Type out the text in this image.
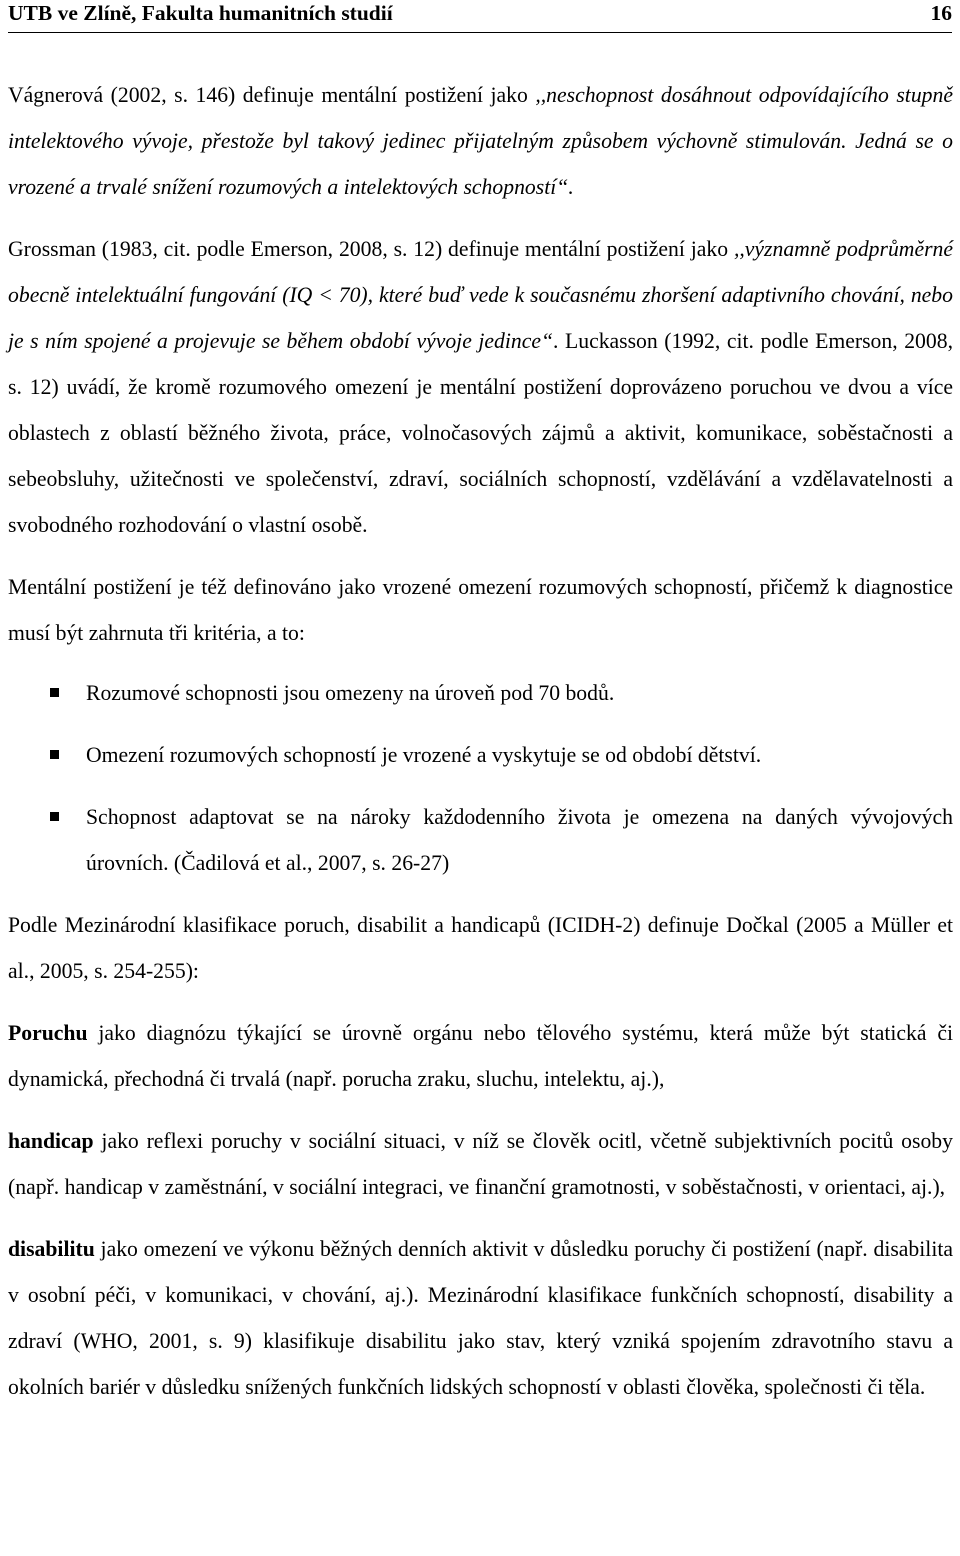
UTB ve Zlíně, Fakulta humanitních studií	16

Vágnerová (2002, s. 146) definuje mentální postižení jako ,,neschopnost dosáhnout odpovídajícího stupně intelektového vývoje, přestože byl takový jedinec přijatelným způsobem výchovně stimulován. Jedná se o vrozené a trvalé snížení rozumových a intelektových schopností“.

Grossman (1983, cit. podle Emerson, 2008, s. 12) definuje mentální postižení jako ,,významně podprůměrné obecně intelektuální fungování (IQ < 70), které buď vede k současnému zhoršení adaptivního chování, nebo je s ním spojené a projevuje se během období vývoje jedince“. Luckasson (1992, cit. podle Emerson, 2008, s. 12) uvádí, že kromě rozumového omezení je mentální postižení doprovázeno poruchou ve dvou a více oblastech z oblastí běžného života, práce, volnočasových zájmů a aktivit, komunikace, soběstačnosti a sebeobsluhy, užitečnosti ve společenství, zdraví, sociálních schopností, vzdělávání a vzdělavatelnosti a svobodného rozhodování o vlastní osobě.

Mentální postižení je též definováno jako vrozené omezení rozumových schopností, přičemž k diagnostice musí být zahrnuta tři kritéria, a to:

Rozumové schopnosti jsou omezeny na úroveň pod 70 bodů.
Omezení rozumových schopností je vrozené a vyskytuje se od období dětství.
Schopnost adaptovat se na nároky každodenního života je omezena na daných vývojových úrovních. (Čadilová et al., 2007, s. 26-27)

Podle Mezinárodní klasifikace poruch, disabilit a handicapů (ICIDH-2) definuje Dočkal (2005 a Müller et al., 2005, s. 254-255):

Poruchu jako diagnózu týkající se úrovně orgánu nebo tělového systému, která může být statická či dynamická, přechodná či trvalá (např. porucha zraku, sluchu, intelektu, aj.),

handicap jako reflexi poruchy v sociální situaci, v níž se člověk ocitl, včetně subjektivních pocitů osoby (např. handicap v zaměstnání, v sociální integraci, ve finanční gramotnosti, v soběstačnosti, v orientaci, aj.),

disabilitu jako omezení ve výkonu běžných denních aktivit v důsledku poruchy či postižení (např. disabilita v osobní péči, v komunikaci, v chování, aj.). Mezinárodní klasifikace funkčních schopností, disability a zdraví (WHO, 2001, s. 9) klasifikuje disabilitu jako stav, který vzniká spojením zdravotního stavu a okolních bariér v důsledku snížených funkčních lidských schopností v oblasti člověka, společnosti či těla.
